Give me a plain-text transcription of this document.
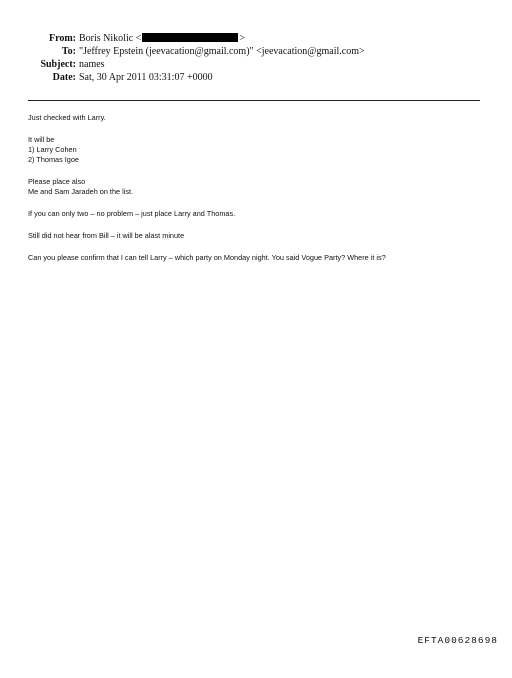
From: Boris Nikolic <	>
To: "Jeffrey Epstein (jeevacation@gmail.com)" <jeevacation@gmail.com>
Subject: names
Date: Sat, 30 Apr 2011 03:31:07 +0000
Just checked with Larry.
It will be
1) Larry Cohen
2) Thomas Igoe
Please place also
Me and Sam Jaradeh on the list.
If you can only two – no problem – just place Larry and Thomas.
Still did not hear from Bill – it will be alast minute
Can you please confirm that I can tell Larry – which party on Monday night. You said Vogue Party? Where it is?
EFTA00628698
